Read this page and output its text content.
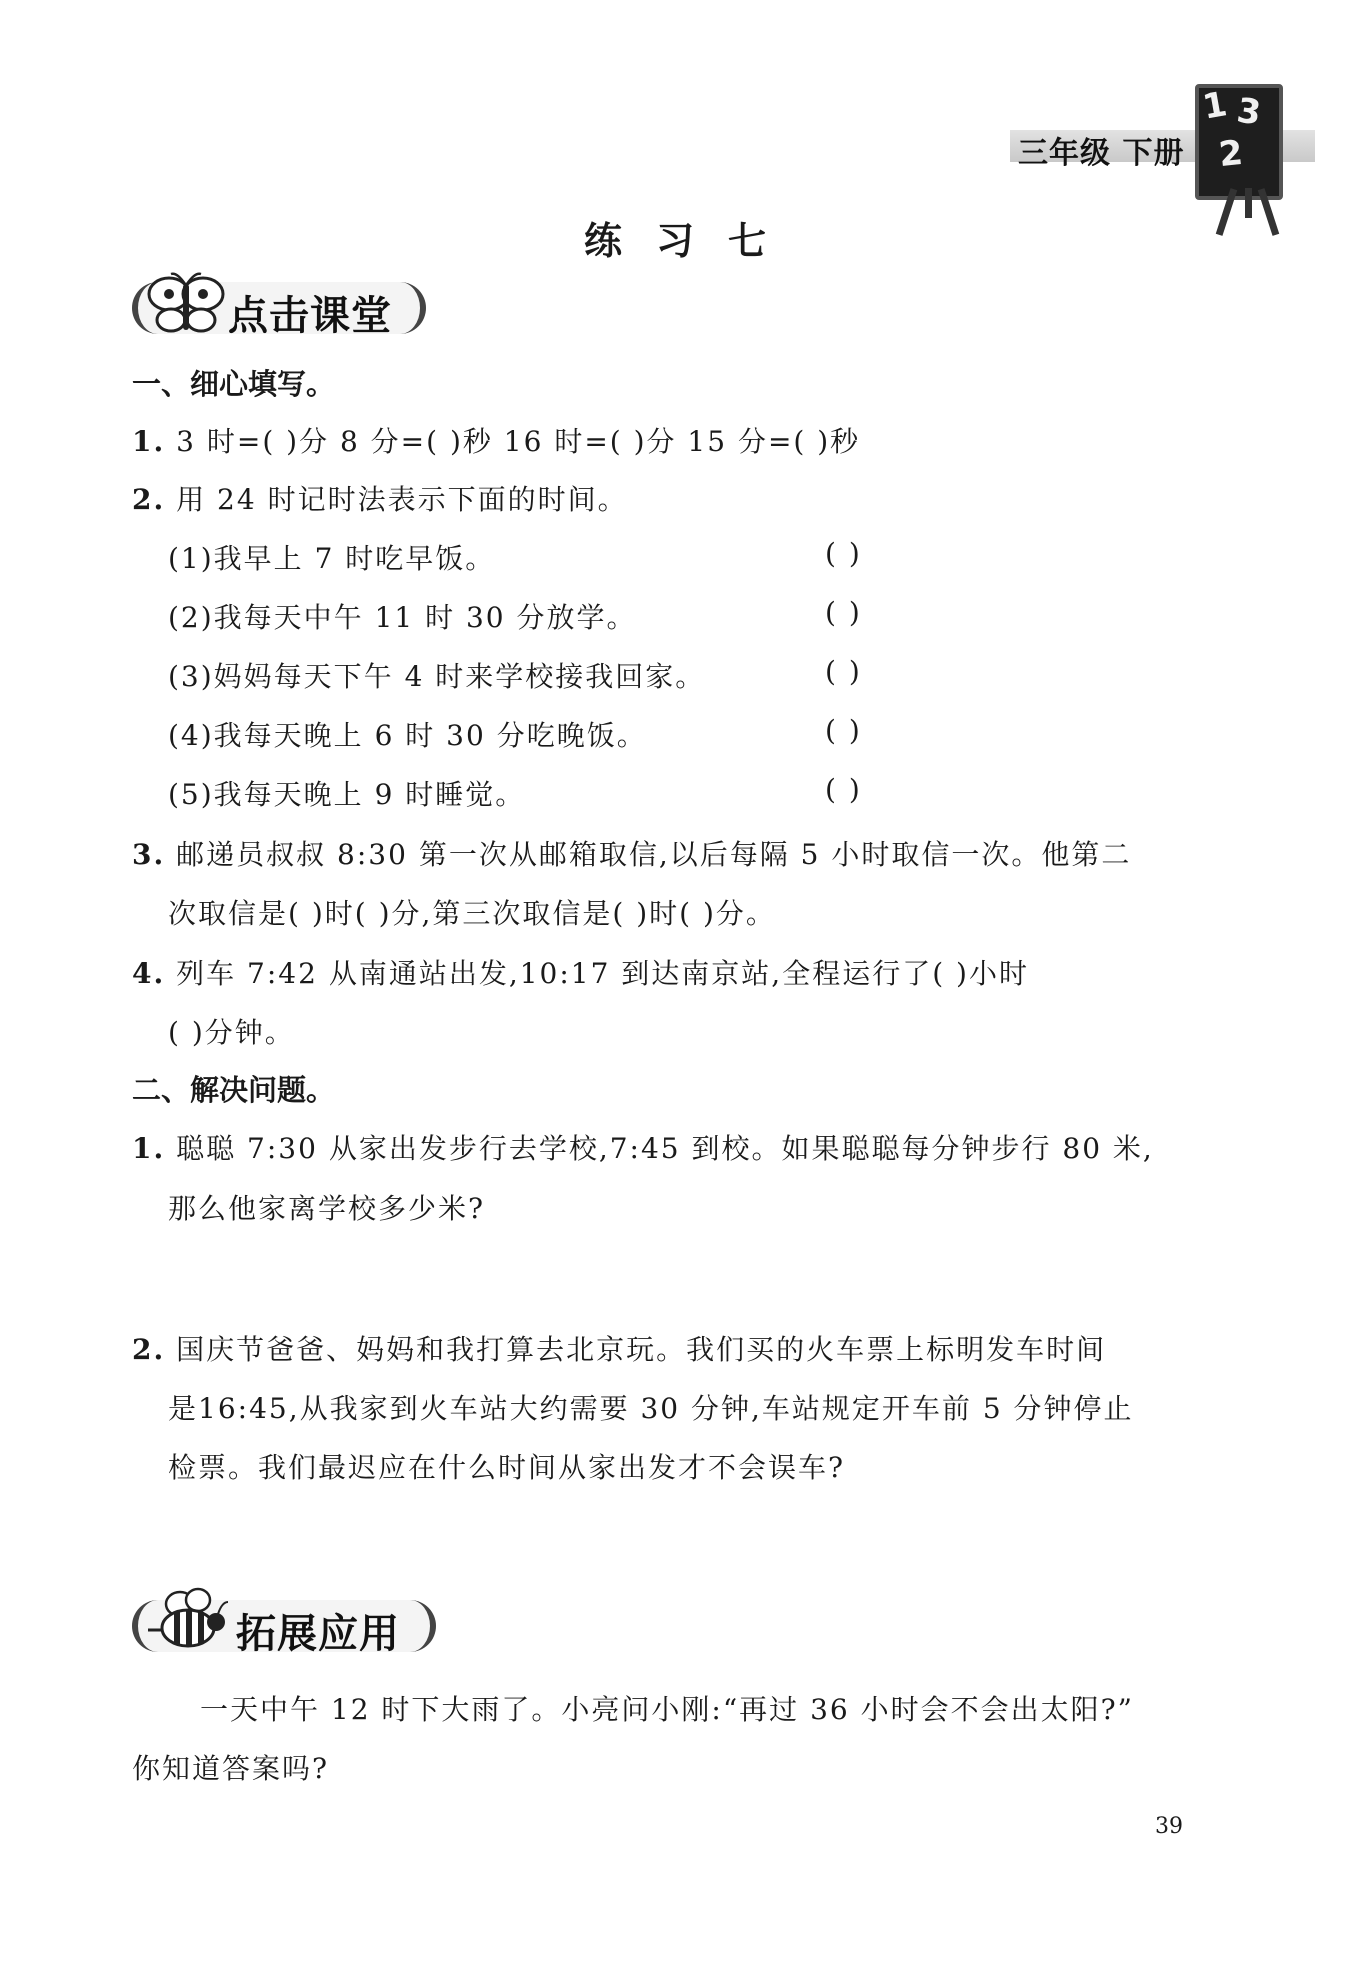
三年级 下册
1 3
2
练习七
点击课堂
一、细心填写。
1. 3 时=( )分 8 分=( )秒 16 时=( )分 15 分=( )秒
2. 用 24 时记时法表示下面的时间。
(1)我早上 7 时吃早饭。	( )
(2)我每天中午 11 时 30 分放学。	( )
(3)妈妈每天下午 4 时来学校接我回家。	( )
(4)我每天晚上 6 时 30 分吃晚饭。	( )
(5)我每天晚上 9 时睡觉。	( )
3. 邮递员叔叔 8:30 第一次从邮箱取信,以后每隔 5 小时取信一次。他第二
次取信是( )时( )分,第三次取信是( )时( )分。
4. 列车 7:42 从南通站出发,10:17 到达南京站,全程运行了( )小时
( )分钟。
二、解决问题。
1. 聪聪 7:30 从家出发步行去学校,7:45 到校。如果聪聪每分钟步行 80 米,
那么他家离学校多少米?
2. 国庆节爸爸、妈妈和我打算去北京玩。我们买的火车票上标明发车时间
是16:45,从我家到火车站大约需要 30 分钟,车站规定开车前 5 分钟停止
检票。我们最迟应在什么时间从家出发才不会误车?
拓展应用
一天中午 12 时下大雨了。小亮问小刚:“再过 36 小时会不会出太阳?”
你知道答案吗?
39
